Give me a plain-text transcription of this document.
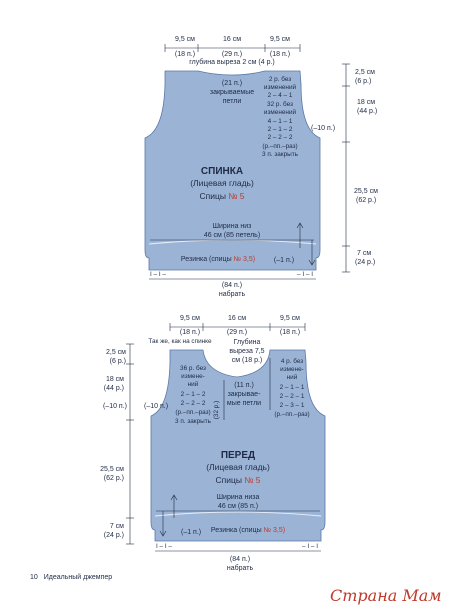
9,5 см	16 см	9,5 см
(18 п.)	(29 п.)	(18 п.)
глубина выреза 2 см (4 р.)
(21 п.)
закрываемые
петли
2 р. без
изменений
2 – 4 – 1
32 р. без
изменений
4 – 1 – 1
2 – 1 – 2
2 – 2 – 2
(р.–пп.–раз)
3 п. закрыть
СПИНКА
(Лицевая гладь)
Спицы № 5
Ширина низ
46 см (85 петель)
Резинка (спицы № 3,5)	(–1 п.)
2,5 см
(6 р.)
18 см
(44 р.)
(–10 п.)
25,5 см
(62 р.)
7 см
(24 р.)
I – I –	– I – I
(84 п.)
набрать
9,5 см	16 см	9,5 см
(18 п.)	(29 п.)	(18 п.)
Так же, как на спинке	Глубина
выреза 7,5
см (18 р.)
36 р. без
измене-
ний
2 – 1 – 2
2 – 2 – 2
(р.–пп.–раз)
3 п. закрыть
(32 р.)
(11 п.)
закрывае-
мые петли
4 р. без
измене-
ний
2 – 1 – 1
2 – 2 – 1
2 – 3 – 1
(р.–пп.–раз)
ПЕРЕД
(Лицевая гладь)
Спицы № 5
Ширина низа
46 см (85 п.)
Резинка (спицы № 3,5)
(–1 п.)
2,5 см
(6 р.)
18 см
(44 р.)
(–10 п.) (–10 п.)
25,5 см
(62 р.)
7 см
(24 р.)
I – I –	– I – I
(84 п.)
набрать
10 Идеальный джемпер
Страна Мам
